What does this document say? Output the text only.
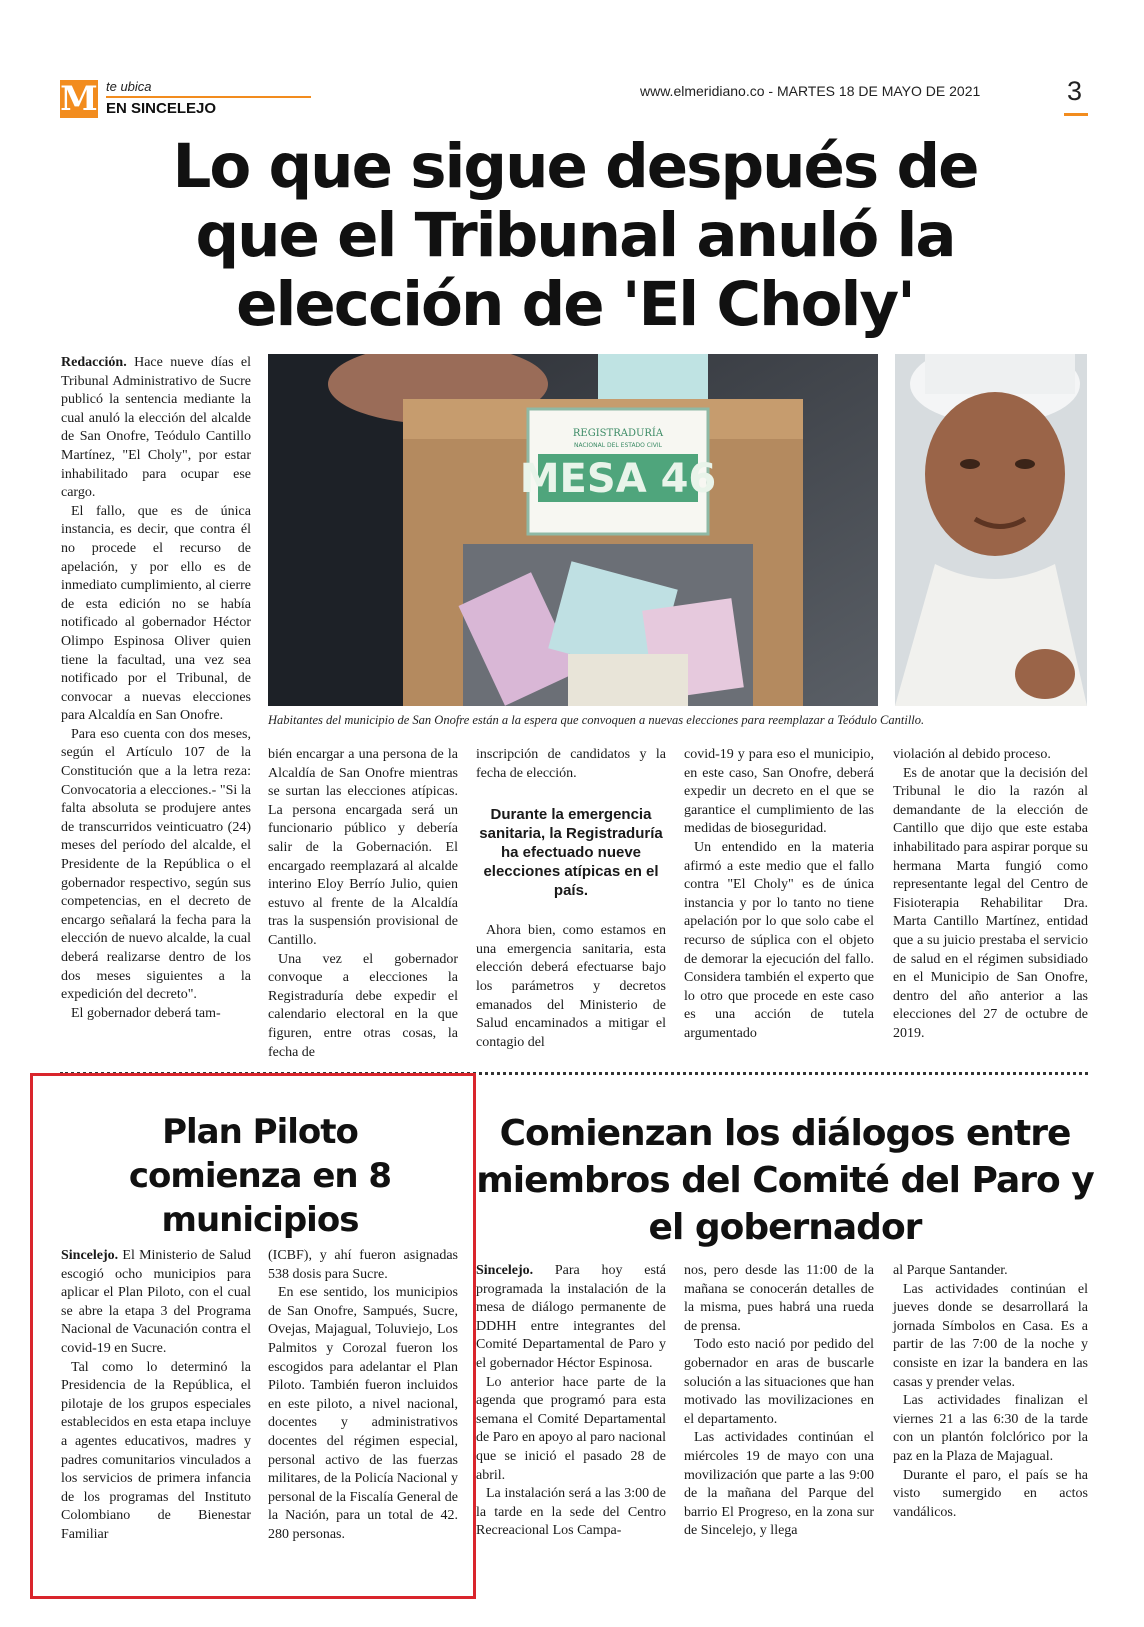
M te ubica
EN SINCELEJO
www.elmeridiano.co - MARTES 18 DE MAYO DE 2021	3
Lo que sigue después de que el Tribunal anuló la elección de 'El Choly'

Redacción. Hace nueve días el Tribunal Administrativo de Sucre publicó la sentencia mediante la cual anuló la elección del alcalde de San Onofre, Teódulo Cantillo Martínez, "El Choly", por estar inhabilitado para ocupar ese cargo.

El fallo, que es de única instancia, es decir, que contra él no procede el recurso de apelación, y por ello es de inmediato cumplimiento, al cierre de esta edición no se había notificado al gobernador Héctor Olimpo Espinosa Oliver quien tiene la facultad, una vez sea notificado por el Tribunal, de convocar a nuevas elecciones para Alcaldía en San Onofre.

Para eso cuenta con dos meses, según el Artículo 107 de la Constitución que a la letra reza: Convocatoria a elecciones.- "Si la falta absoluta se produjere antes de transcurridos veinticuatro (24) meses del período del alcalde, el Presidente de la República o el gobernador respectivo, según sus competencias, en el decreto de encargo señalará la fecha para la elección de nuevo alcalde, la cual deberá realizarse dentro de los dos meses siguientes a la expedición del decreto".

El gobernador deberá tam-

REGISTRADURÍA
NACIONAL DEL ESTADO CIVIL
MESA 46
Habitantes del municipio de San Onofre están a la espera que convoquen a nuevas elecciones para reemplazar a Teódulo Cantillo.

bién encargar a una persona de la Alcaldía de San Onofre mientras se surtan las elecciones atípicas. La persona encargada será un funcionario público y debería salir de la Gobernación. El encargado reemplazará al alcalde interino Eloy Berrío Julio, quien estuvo al frente de la Alcaldía tras la suspensión provisional de Cantillo.

Una vez el gobernador convoque a elecciones la Registraduría debe expedir el calendario electoral en la que figuren, entre otras cosas, la fecha de

inscripción de candidatos y la fecha de elección.

Durante la emergencia sanitaria, la Registraduría ha efectuado nueve elecciones atípicas en el país.

Ahora bien, como estamos en una emergencia sanitaria, esta elección deberá efectuarse bajo los parámetros y decretos emanados del Ministerio de Salud encaminados a mitigar el contagio del

covid-19 y para eso el municipio, en este caso, San Onofre, deberá expedir un decreto en el que se garantice el cumplimiento de las medidas de bioseguridad.

Un entendido en la materia afirmó a este medio que el fallo contra "El Choly" es de única instancia y por lo tanto no tiene apelación por lo que solo cabe el recurso de súplica con el objeto de demorar la ejecución del fallo. Considera también el experto que lo otro que procede en este caso es una acción de tutela argumentado

violación al debido proceso.

Es de anotar que la decisión del Tribunal le dio la razón al demandante de la elección de Cantillo que dijo que este estaba inhabilitado para aspirar porque su hermana Marta fungió como representante legal del Centro de Fisioterapia Rehabilitar Dra. Marta Cantillo Martínez, entidad que a su juicio prestaba el servicio de salud en el régimen subsidiado en el Municipio de San Onofre, dentro del año anterior a las elecciones del 27 de octubre de 2019.

Plan Piloto comienza en 8 municipios

Sincelejo. El Ministerio de Salud escogió ocho municipios para aplicar el Plan Piloto, con el cual se abre la etapa 3 del Programa Nacional de Vacunación contra el covid-19 en Sucre.

Tal como lo determinó la Presidencia de la República, el pilotaje de los grupos especiales establecidos en esta etapa incluye a agentes educativos, madres y padres comunitarios vinculados a los servicios de primera infancia de los programas del Instituto Colombiano de Bienestar Familiar

(ICBF), y ahí fueron asignadas 538 dosis para Sucre.

En ese sentido, los municipios de San Onofre, Sampués, Sucre, Ovejas, Majagual, Toluviejo, Los Palmitos y Corozal fueron los escogidos para adelantar el Plan Piloto. También fueron incluidos en este piloto, a nivel nacional, docentes y administrativos docentes del régimen especial, personal activo de las fuerzas militares, de la Policía Nacional y personal de la Fiscalía General de la Nación, para un total de 42. 280 personas.

Comienzan los diálogos entre miembros del Comité del Paro y el gobernador

Sincelejo. Para hoy está programada la instalación de la mesa de diálogo permanente de DDHH entre integrantes del Comité Departamental de Paro y el gobernador Héctor Espinosa.

Lo anterior hace parte de la agenda que programó para esta semana el Comité Departamental de Paro en apoyo al paro nacional que se inició el pasado 28 de abril.

La instalación será a las 3:00 de la tarde en la sede del Centro Recreacional Los Campa-

nos, pero desde las 11:00 de la mañana se conocerán detalles de la misma, pues habrá una rueda de prensa.

Todo esto nació por pedido del gobernador en aras de buscarle solución a las situaciones que han motivado las movilizaciones en el departamento.

Las actividades continúan el miércoles 19 de mayo con una movilización que parte a las 9:00 de la mañana del Parque del barrio El Progreso, en la zona sur de Sincelejo, y llega

al Parque Santander.

Las actividades continúan el jueves donde se desarrollará la jornada Símbolos en Casa. Es a partir de las 7:00 de la noche y consiste en izar la bandera en las casas y prender velas.

Las actividades finalizan el viernes 21 a las 6:30 de la tarde con un plantón folclórico por la paz en la Plaza de Majagual.

Durante el paro, el país se ha visto sumergido en actos vandálicos.
